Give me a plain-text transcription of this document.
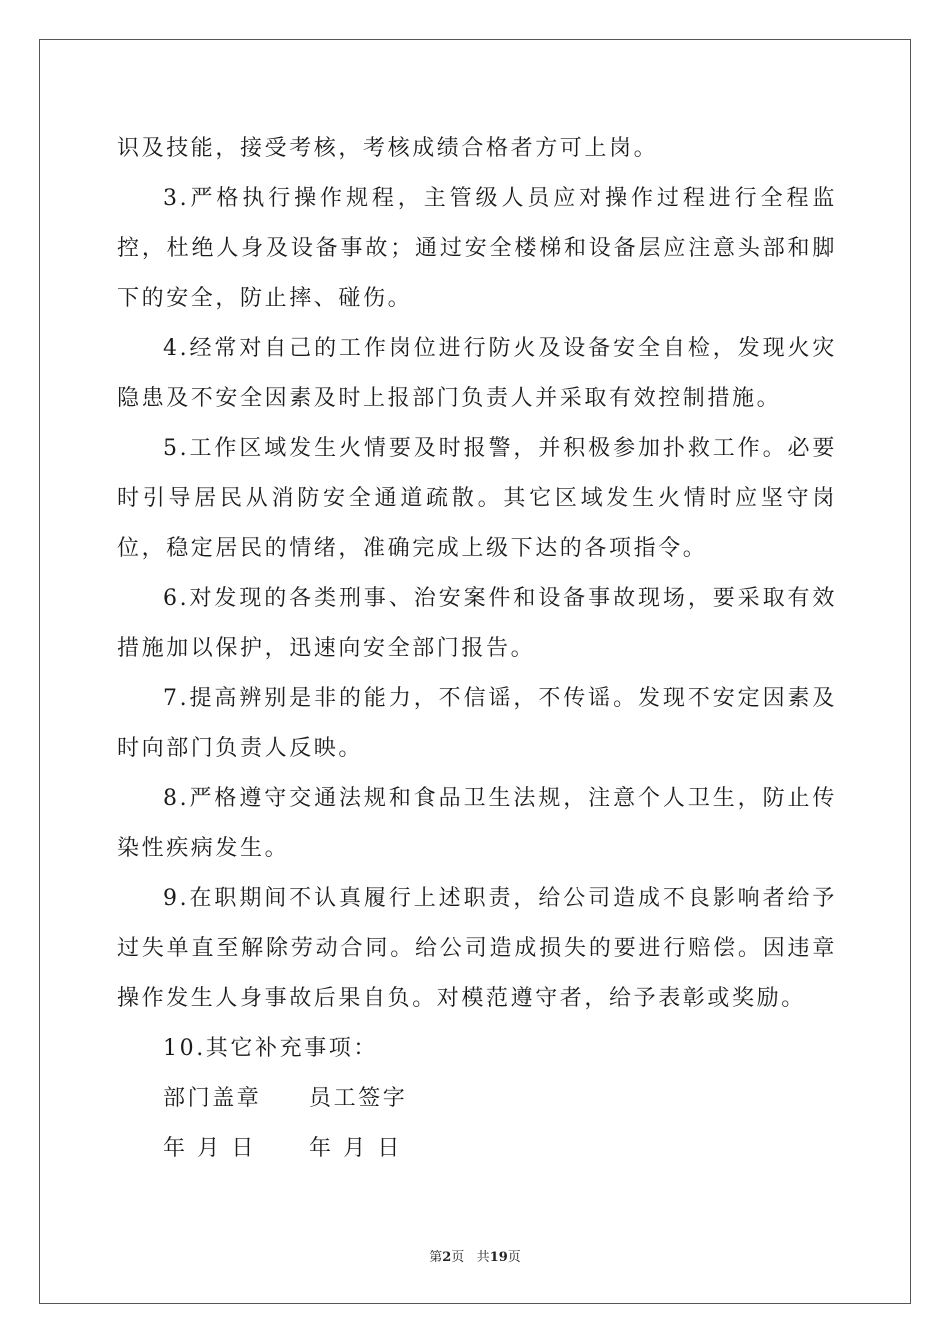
识及技能，接受考核，考核成绩合格者方可上岗。

3.严格执行操作规程，主管级人员应对操作过程进行全程监控，杜绝人身及设备事故；通过安全楼梯和设备层应注意头部和脚下的安全，防止摔、碰伤。

4.经常对自己的工作岗位进行防火及设备安全自检，发现火灾隐患及不安全因素及时上报部门负责人并采取有效控制措施。

5.工作区域发生火情要及时报警，并积极参加扑救工作。必要时引导居民从消防安全通道疏散。其它区域发生火情时应坚守岗位，稳定居民的情绪，准确完成上级下达的各项指令。

6.对发现的各类刑事、治安案件和设备事故现场，要采取有效措施加以保护，迅速向安全部门报告。

7.提高辨别是非的能力，不信谣，不传谣。发现不安定因素及时向部门负责人反映。

8.严格遵守交通法规和食品卫生法规，注意个人卫生，防止传染性疾病发生。

9.在职期间不认真履行上述职责，给公司造成不良影响者给予过失单直至解除劳动合同。给公司造成损失的要进行赔偿。因违章操作发生人身事故后果自负。对模范遵守者，给予表彰或奖励。

10.其它补充事项：

部门盖章	员工签字
年 月 日	年 月 日
第2页 共19页
